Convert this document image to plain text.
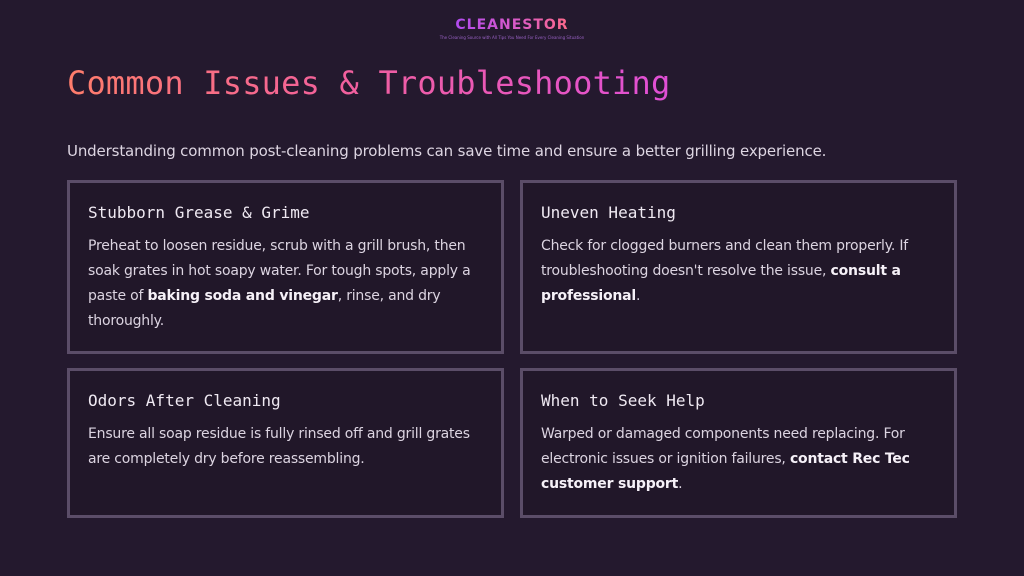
CLEANESTOR
The Cleaning Source with All Tips You Need For Every Cleaning Situation
Common Issues & Troubleshooting

Understanding common post-cleaning problems can save time and ensure a better grilling experience.

Stubborn Grease & Grime

Preheat to loosen residue, scrub with a grill brush, then soak grates in hot soapy water. For tough spots, apply a paste of baking soda and vinegar, rinse, and dry thoroughly.

Uneven Heating

Check for clogged burners and clean them properly. If troubleshooting doesn't resolve the issue, consult a professional.

Odors After Cleaning

Ensure all soap residue is fully rinsed off and grill grates are completely dry before reassembling.

When to Seek Help

Warped or damaged components need replacing. For electronic issues or ignition failures, contact Rec Tec customer support.
